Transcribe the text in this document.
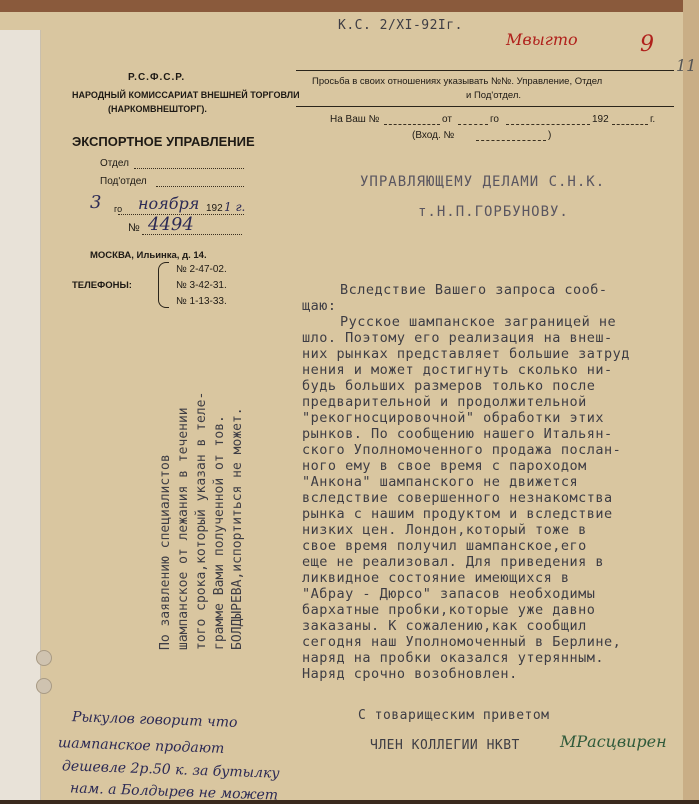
Р.С.Ф.С.Р.
НАРОДНЫЙ КОМИССАРИАТ ВНЕШНЕЙ ТОРГОВЛИ
(НАРКОМВНЕШТОРГ).
ЭКСПОРТНОЕ УПРАВЛЕНИЕ
Отдел
Под'отдел
3 го ноября 192 1 г.
№ 4494
МОСКВА, Ильинка, д. 14.
ТЕЛЕФОНЫ:
№ 2-47-02.
№ 3-42-31.
№ 1-13-33.
К.С. 2/XI-92Iг.
Мвыгто	9
11
Просьба в своих отношениях указывать №№. Управление, Отдел
и Под'отдел.
На Ваш №	от	го	192	г.
(Вход. №	)
УПРАВЛЯЮЩЕМУ ДЕЛАМИ С.Н.К.
т.Н.П.ГОРБУНОВУ.
Вследствие Вашего запроса сооб-
щаю:
Русское шампанское заграницей не
шло. Поэтому его реализация на внеш-
них рынках представляет большие затруд
нения и может достигнуть сколько ни-
будь больших размеров только после
предварительной и продолжительной
"рекогносцировочной" обработки этих
рынков. По сообщению нашего Итальян-
ского Уполномоченного продажа послан-
ного ему в свое время с пароходом
"Анкона" шампанского не движется
вследствие совершенного незнакомства
рынка с нашим продуктом и вследствие
низких цен. Лондон,который тоже в
свое время получил шампанское,его
еще не реализовал. Для приведения в
ликвидное состояние имеющихся в
"Абрау - Дюрсо" запасов необходимы
бархатные пробки,которые уже давно
заказаны. К сожалению,как сообщил
сегодня наш Уполномоченный в Берлине,
наряд на пробки оказался утерянным.
Наряд срочно возобновлен.
С товарищеским приветом
ЧЛЕН КОЛЛЕГИИ НКВТ	МРасцвирен
По заявлению специалистов шампанское от лежания в течении того срока,который указан в теле- грамме Вами полученной от тов. БОЛДЫРЕВА,испортиться не может.
Рыкулов говорит что
шампанское продают
дешевле 2р.50 к. за бутылку
нам. а Болдырев не может
